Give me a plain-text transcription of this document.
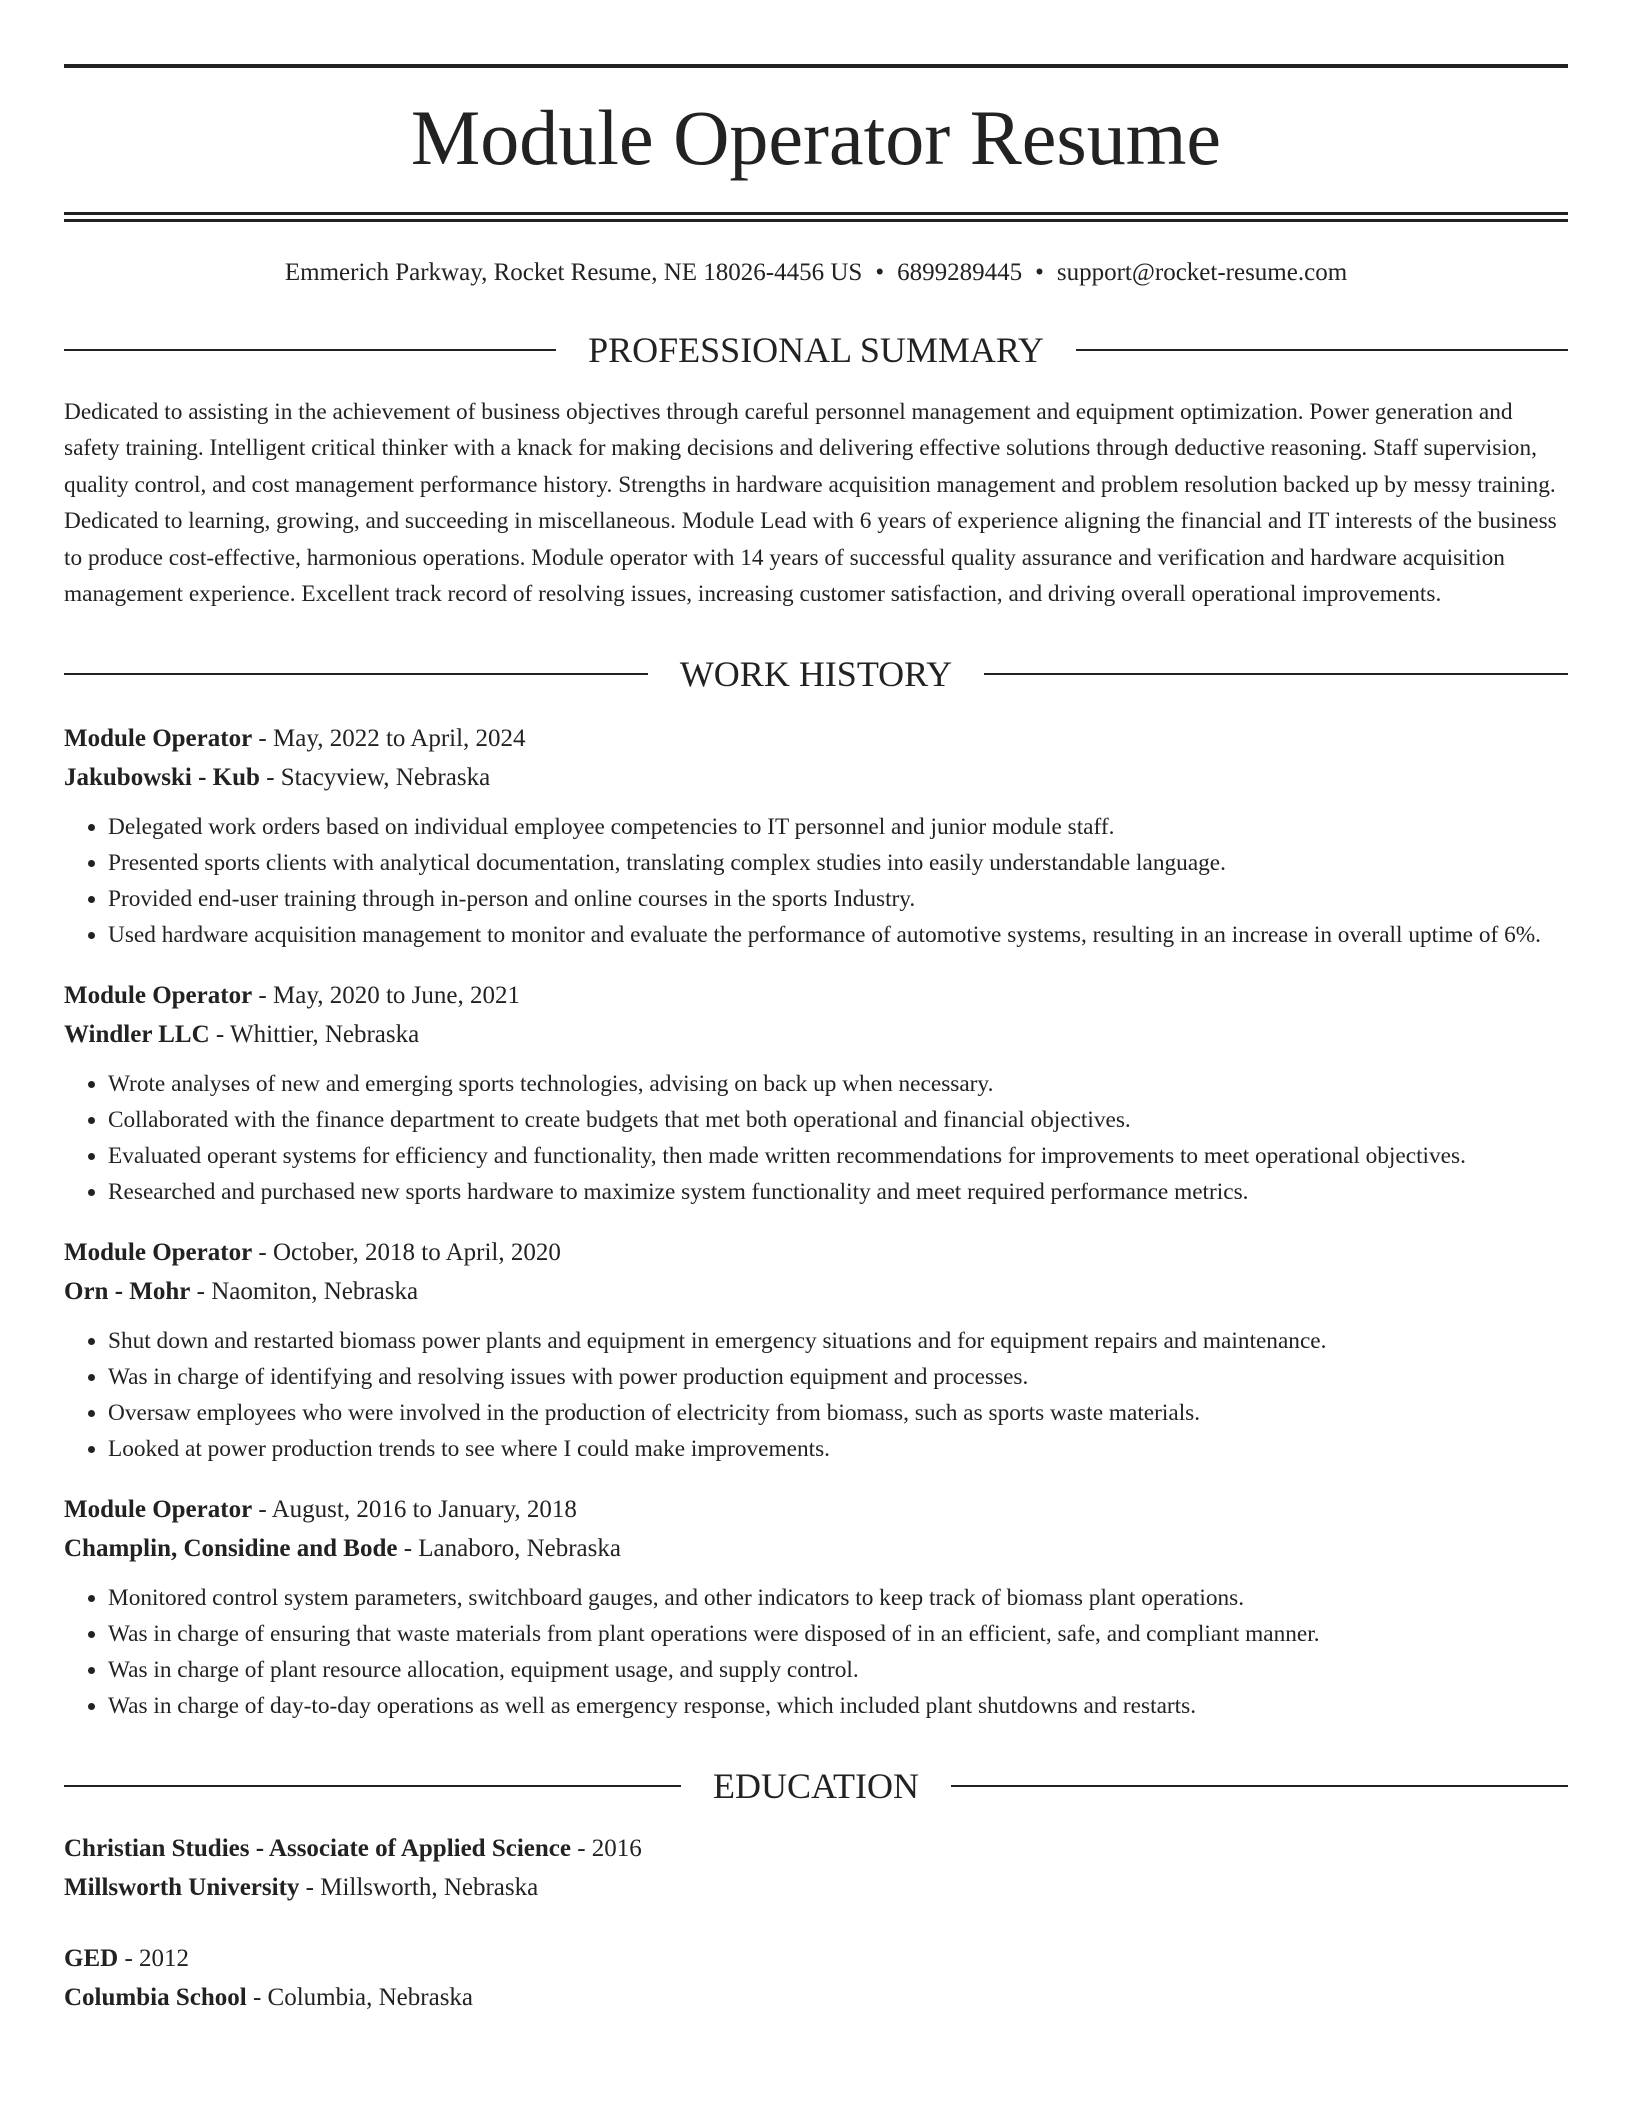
Module Operator Resume
Emmerich Parkway, Rocket Resume, NE 18026-4456 US • 6899289445 • support@rocket-resume.com
PROFESSIONAL SUMMARY
Dedicated to assisting in the achievement of business objectives through careful personnel management and equipment optimization. Power generation and safety training. Intelligent critical thinker with a knack for making decisions and delivering effective solutions through deductive reasoning. Staff supervision, quality control, and cost management performance history. Strengths in hardware acquisition management and problem resolution backed up by messy training. Dedicated to learning, growing, and succeeding in miscellaneous. Module Lead with 6 years of experience aligning the financial and IT interests of the business to produce cost-effective, harmonious operations. Module operator with 14 years of successful quality assurance and verification and hardware acquisition management experience. Excellent track record of resolving issues, increasing customer satisfaction, and driving overall operational improvements.
WORK HISTORY
Module Operator - May, 2022 to April, 2024
Jakubowski - Kub - Stacyview, Nebraska
• Delegated work orders based on individual employee competencies to IT personnel and junior module staff.
• Presented sports clients with analytical documentation, translating complex studies into easily understandable language.
• Provided end-user training through in-person and online courses in the sports Industry.
• Used hardware acquisition management to monitor and evaluate the performance of automotive systems, resulting in an increase in overall uptime of 6%.
Module Operator - May, 2020 to June, 2021
Windler LLC - Whittier, Nebraska
• Wrote analyses of new and emerging sports technologies, advising on back up when necessary.
• Collaborated with the finance department to create budgets that met both operational and financial objectives.
• Evaluated operant systems for efficiency and functionality, then made written recommendations for improvements to meet operational objectives.
• Researched and purchased new sports hardware to maximize system functionality and meet required performance metrics.
Module Operator - October, 2018 to April, 2020
Orn - Mohr - Naomiton, Nebraska
• Shut down and restarted biomass power plants and equipment in emergency situations and for equipment repairs and maintenance.
• Was in charge of identifying and resolving issues with power production equipment and processes.
• Oversaw employees who were involved in the production of electricity from biomass, such as sports waste materials.
• Looked at power production trends to see where I could make improvements.
Module Operator - August, 2016 to January, 2018
Champlin, Considine and Bode - Lanaboro, Nebraska
• Monitored control system parameters, switchboard gauges, and other indicators to keep track of biomass plant operations.
• Was in charge of ensuring that waste materials from plant operations were disposed of in an efficient, safe, and compliant manner.
• Was in charge of plant resource allocation, equipment usage, and supply control.
• Was in charge of day-to-day operations as well as emergency response, which included plant shutdowns and restarts.
EDUCATION
Christian Studies - Associate of Applied Science - 2016
Millsworth University - Millsworth, Nebraska
GED - 2012
Columbia School - Columbia, Nebraska
